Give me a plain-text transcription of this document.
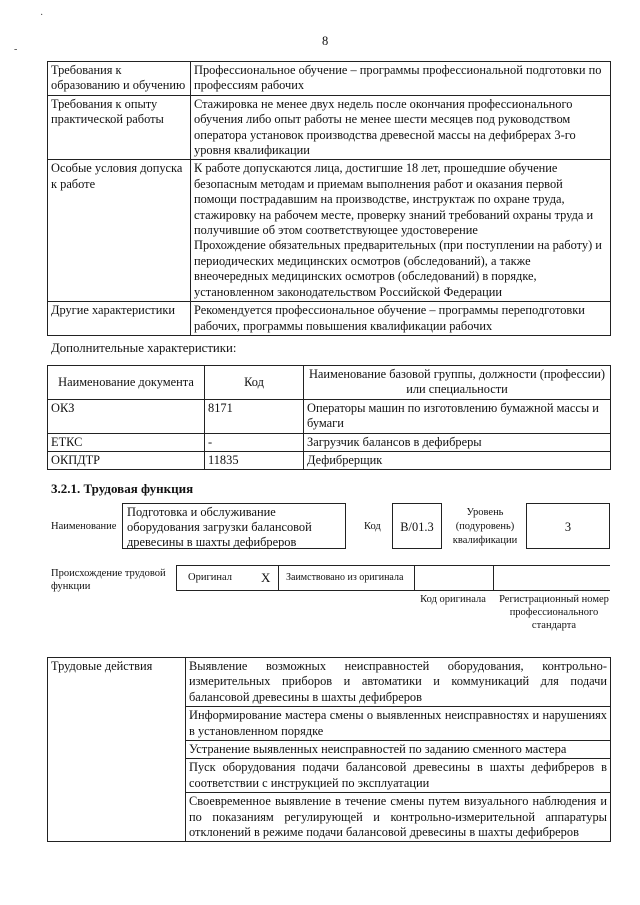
·
-
8
Требования к образованию и обучению	Профессиональное обучение – программы профессиональной подготовки по профессиям рабочих
Требования к опыту практической работы	Стажировка не менее двух недель после окончания профессионального обучения либо опыт работы не менее шести месяцев под руководством оператора установок производства древесной массы на дефибрерах 3-го уровня квалификации
Особые условия допуска к работе	К работе допускаются лица, достигшие 18 лет, прошедшие обучение безопасным методам и приемам выполнения работ и оказания первой помощи пострадавшим на производстве, инструктаж по охране труда, стажировку на рабочем месте, проверку знаний требований охраны труда и получившие об этом соответствующее удостоверение
Прохождение обязательных предварительных (при поступлении на работу) и периодических медицинских осмотров (обследований), а также внеочередных медицинских осмотров (обследований) в порядке, установленном законодательством Российской Федерации

Другие характеристики	Рекомендуется профессиональное обучение – программы переподготовки рабочих, программы повышения квалификации рабочих
Дополнительные характеристики:
Наименование документа	Код	Наименование базовой группы, должности (профессии) или специальности
ОКЗ	8171	Операторы машин по изготовлению бумажной массы и бумаги
ЕТКС	-	Загрузчик балансов в дефибреры
ОКПДТР	11835	Дефибрерщик
3.2.1. Трудовая функция
Наименование
Подготовка и обслуживание оборудования загрузки балансовой древесины в шахты дефибреров
Код	B/01.3
Уровень (подуровень) квалификации
3
Происхождение трудовой функции
Оригинал X Заимствовано из оригинала
Код оригинала Регистрационный номер профессионального стандарта
Трудовые действия	Выявление возможных неисправностей оборудования, контрольно-измерительных приборов и автоматики и коммуникаций для подачи балансовой древесины в шахты дефибреров
Информирование мастера смены о выявленных неисправностях и нарушениях в установленном порядке
Устранение выявленных неисправностей по заданию сменного мастера
Пуск оборудования подачи балансовой древесины в шахты дефибреров в соответствии с инструкцией по эксплуатации
Своевременное выявление в течение смены путем визуального наблюдения и по показаниям регулирующей и контрольно-измерительной аппаратуры отклонений в режиме подачи балансовой древесины в шахты дефибреров
